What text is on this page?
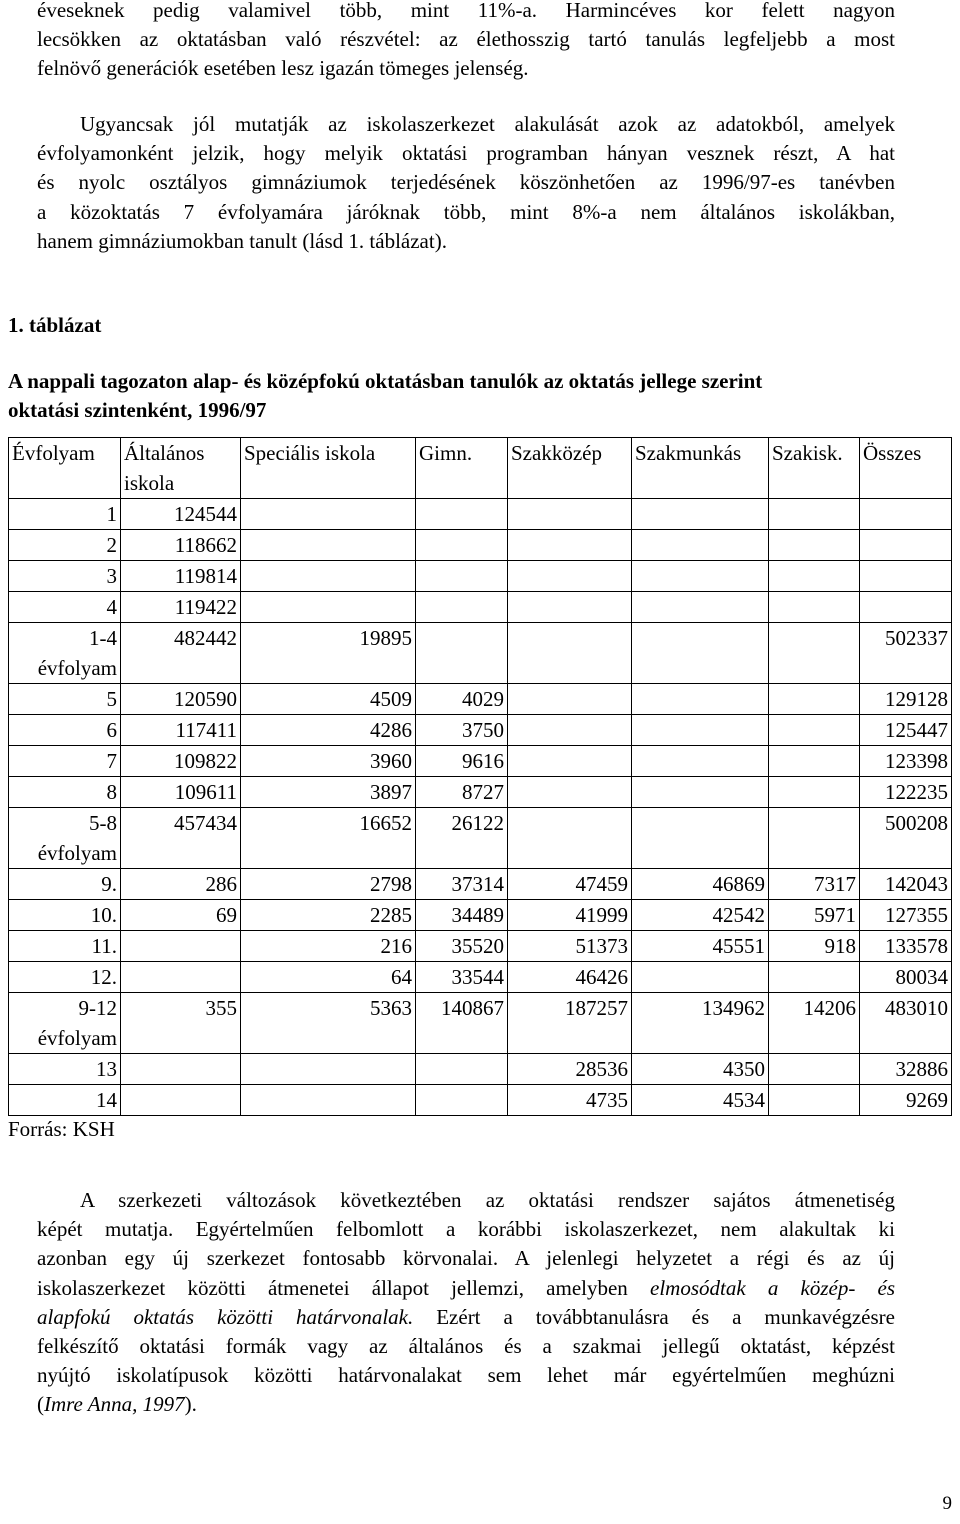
éveseknek pedig valamivel több, mint 11%-a. Harmincéves kor felett nagyon
lecsökken az oktatásban való részvétel: az élethosszig tartó tanulás legfeljebb a most
felnövő generációk esetében lesz igazán tömeges jelenség.
Ugyancsak jól mutatják az iskolaszerkezet alakulását azok az adatokból, amelyek
évfolyamonként jelzik, hogy melyik oktatási programban hányan vesznek részt, A hat
és nyolc osztályos gimnáziumok terjedésének köszönhetően az 1996/97-es tanévben
a közoktatás 7 évfolyamára járóknak több, mint 8%-a nem általános iskolákban,
hanem gimnáziumokban tanult (lásd 1. táblázat).
1. táblázat
A nappali tagozaton alap- és középfokú oktatásban tanulók az oktatás jellege szerint
oktatási szintenként, 1996/97
Évfolyam	Általános iskola	Speciális iskola	Gimn.	Szakközép	Szakmunkás	Szakisk.	Összes
1	124544						
2	118662						
3	119814						
4	119422						
1-4 évfolyam	482442	19895					502337
5	120590	4509	4029				129128
6	117411	4286	3750				125447
7	109822	3960	9616				123398
8	109611	3897	8727				122235
5-8 évfolyam	457434	16652	26122				500208
9.	286	2798	37314	47459	46869	7317	142043
10.	69	2285	34489	41999	42542	5971	127355
11.		216	35520	51373	45551	918	133578
12.		64	33544	46426			80034
9-12 évfolyam	355	5363	140867	187257	134962	14206	483010
13				28536	4350		32886
14				4735	4534		9269
Forrás: KSH
A szerkezeti változások következtében az oktatási rendszer sajátos átmenetiség
képét mutatja. Egyértelműen felbomlott a korábbi iskolaszerkezet, nem alakultak ki
azonban egy új szerkezet fontosabb körvonalai. A jelenlegi helyzetet a régi és az új
iskolaszerkezet közötti átmenetei állapot jellemzi, amelyben elmosódtak a közép- és
alapfokú oktatás közötti határvonalak. Ezért a továbbtanulásra és a munkavégzésre
felkészítő oktatási formák vagy az általános és a szakmai jellegű oktatást, képzést
nyújtó iskolatípusok közötti határvonalakat sem lehet már egyértelműen meghúzni
(Imre Anna, 1997).
9
